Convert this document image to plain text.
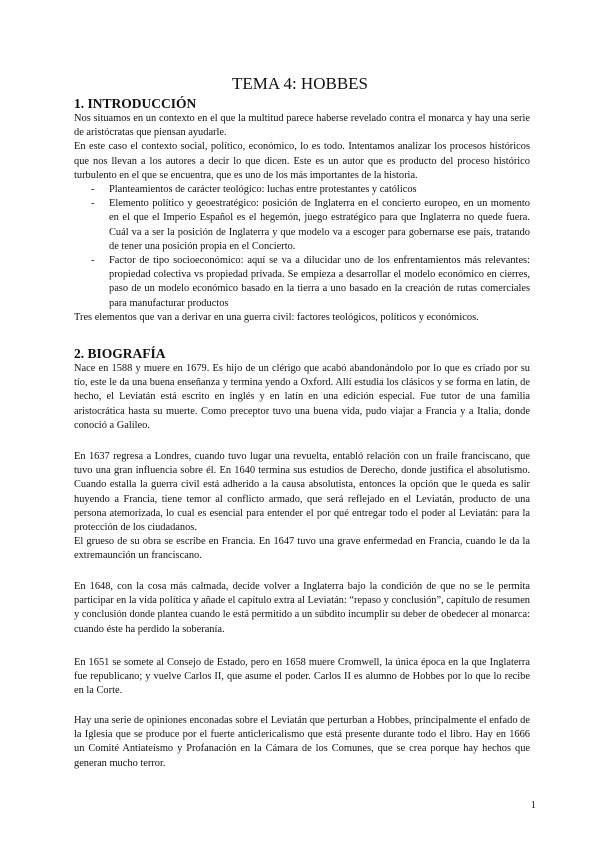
TEMA 4: HOBBES
1. INTRODUCCIÓN

Nos situamos en un contexto en el que la multitud parece haberse revelado contra el monarca y hay una serie de aristócratas que piensan ayudarle.

En este caso el contexto social, político, económico, lo es todo. Intentamos analizar los procesos históricos que nos llevan a los autores a decir lo que dicen. Este es un autor que es producto del proceso histórico turbulento en el que se encuentra, que es uno de los más importantes de la historia.

- Planteamientos de carácter teológico: luchas entre protestantes y católicos
- Elemento político y geoestratégico: posición de Inglaterra en el concierto europeo, en un momento en el que el Imperio Español es el hegemón, juego estratégico para que Inglaterra no quede fuera. Cuál va a ser la posición de Inglaterra y que modelo va a escoger para gobernarse ese país, tratando de tener una posición propia en el Concierto.
- Factor de tipo socioeconómico: aquí se va a dilucidar uno de los enfrentamientos más relevantes: propiedad colectiva vs propiedad privada. Se empieza a desarrollar el modelo económico en cierres, paso de un modelo económico basado en la tierra a uno basado en la creación de rutas comerciales para manufacturar productos

Tres elementos que van a derivar en una guerra civil: factores teológicos, políticos y económicos.

2. BIOGRAFÍA
Nace en 1588 y muere en 1679. Es hijo de un clérigo que acabó abandonándolo por lo que es criado por su tío, este le da una buena enseñanza y termina yendo a Oxford. Allí estudia los clásicos y se forma en latín, de hecho, el Leviatán está escrito en inglés y en latín en una edición especial. Fue tutor de una familia aristocrática hasta su muerte. Como preceptor tuvo una buena vida, pudo viajar a Francia y a Italia, donde conoció a Galileo.

En 1637 regresa a Londres, cuando tuvo lugar una revuelta, entabló relación con un fraile franciscano, que tuvo una gran influencia sobre él. En 1640 termina sus estudios de Derecho, donde justifica el absolutismo. Cuando estalla la guerra civil está adherido a la causa absolutista, entonces la opción que le queda es salir huyendo a Francia, tiene temor al conflicto armado, que será reflejado en el Leviatán, producto de una persona atemorizada, lo cual es esencial para entender el por qué entregar todo el poder al Leviatán: para la protección de los ciudadanos.

El grueso de su obra se escribe en Francia. En 1647 tuvo una grave enfermedad en Francia, cuando le da la extremaunción un franciscano.

En 1648, con la cosa más calmada, decide volver a Inglaterra bajo la condición de que no se le permita participar en la vida política y añade el capítulo extra al Leviatán: “repaso y conclusión”, capítulo de resumen y conclusión donde plantea cuando le está permitido a un súbdito incumplir su deber de obedecer al monarca: cuando éste ha perdido la soberanía.
En 1651 se somete al Consejo de Estado, pero en 1658 muere Cromwell, la única época en la que Inglaterra fue republicano; y vuelve Carlos II, que asume el poder. Carlos II es alumno de Hobbes por lo que lo recibe en la Corte.
Hay una serie de opiniones enconadas sobre el Leviatán que perturban a Hobbes, principalmente el enfado de la Iglesia que se produce por el fuerte anticlericalismo que está presente durante todo el libro. Hay en 1666 un Comité Antiateísmo y Profanación en la Cámara de los Comunes, que se crea porque hay hechos que generan mucho terror.
1
